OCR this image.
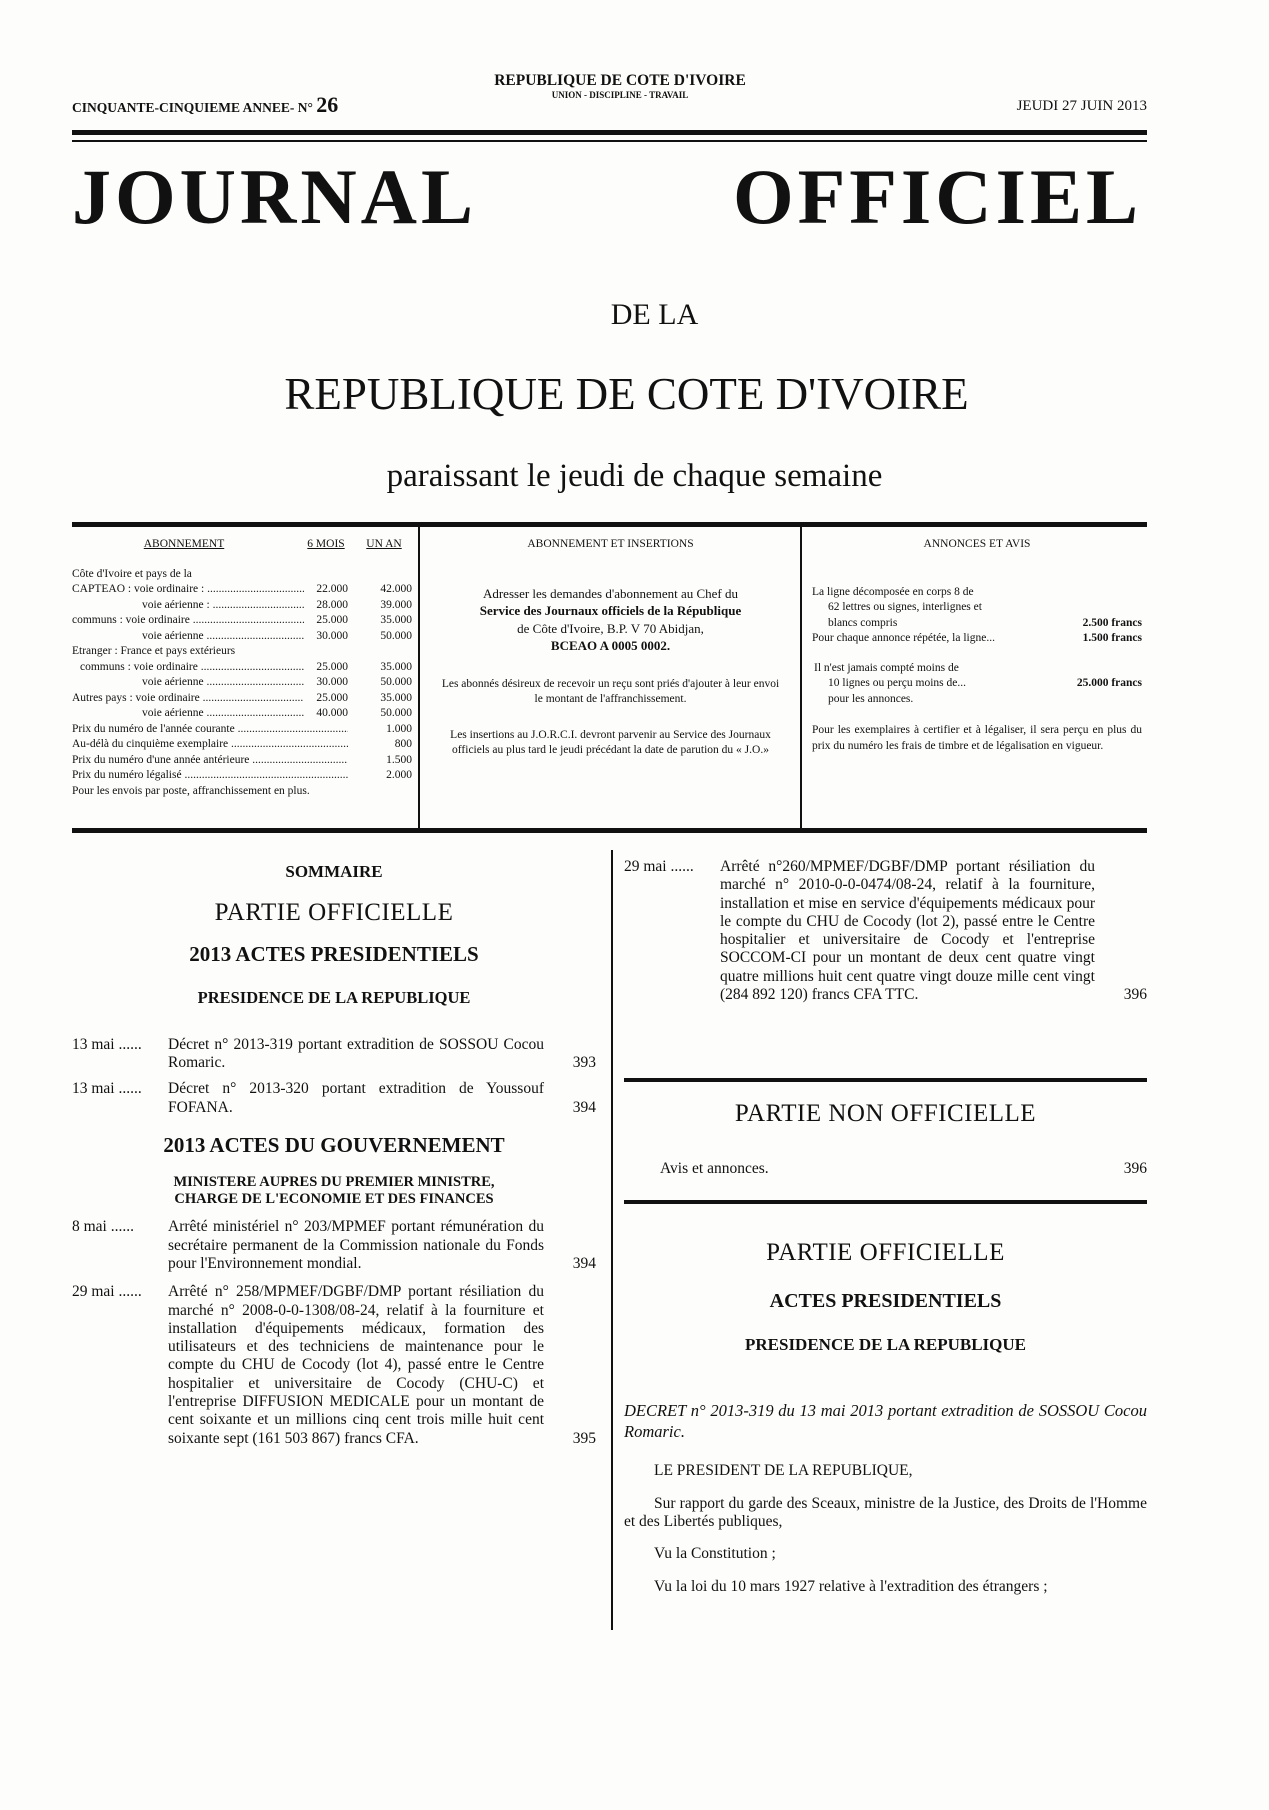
CINQUANTE-CINQUIEME ANNEE- N° 26
REPUBLIQUE DE COTE D'IVOIRE
UNION - DISCIPLINE - TRAVAIL
JEUDI 27 JUIN 2013
JOURNAL	OFFICIEL
DE LA
REPUBLIQUE DE COTE D'IVOIRE
paraissant le jeudi de chaque semaine
ABONNEMENT	6 MOIS	UN AN
Côte d'Ivoire et pays de la
CAPTEAO : voie ordinaire : .....	22.000	42.000
voie aérienne : .....	28.000	39.000
communs : voie ordinaire .....	25.000	35.000
voie aérienne .....	30.000	50.000
Etranger : France et pays extérieurs
communs : voie ordinaire .....	25.000	35.000
voie aérienne .....	30.000	50.000
Autres pays : voie ordinaire .....	25.000	35.000
voie aérienne .....	40.000	50.000
Prix du numéro de l'année courante .....	1.000
Au-délà du cinquième exemplaire .....	800
Prix du numéro d'une année antérieure .....	1.500
Prix du numéro légalisé .....	2.000
Pour les envois par poste, affranchissement en plus.
ABONNEMENT ET INSERTIONS
Adresser les demandes d'abonnement au Chef du
Service des Journaux officiels de la République
de Côte d'Ivoire, B.P. V 70 Abidjan,
BCEAO A 0005 0002.
Les abonnés désireux de recevoir un reçu sont priés d'ajouter à leur envoi le montant de l'affranchissement.
Les insertions au J.O.R.C.I. devront parvenir au Service des Journaux officiels au plus tard le jeudi précédant la date de parution du « J.O.»
ANNONCES ET AVIS
La ligne décomposée en corps 8 de
62 lettres ou signes, interlignes et
blancs compris	2.500 francs
Pour chaque annonce répétée, la ligne...	1.500 francs
Il n'est jamais compté moins de
10 lignes ou perçu moins de...	25.000 francs
pour les annonces.
Pour les exemplaires à certifier et à légaliser, il sera perçu en plus du prix du numéro les frais de timbre et de légalisation en vigueur.
SOMMAIRE
PARTIE OFFICIELLE
2013 ACTES PRESIDENTIELS
PRESIDENCE DE LA REPUBLIQUE
13 mai ......	Décret n° 2013-319 portant extradition de SOSSOU Cocou Romaric.	393
13 mai ......	Décret n° 2013-320 portant extradition de Youssouf FOFANA.	394
2013 ACTES DU GOUVERNEMENT
MINISTERE AUPRES DU PREMIER MINISTRE,
CHARGE DE L'ECONOMIE ET DES FINANCES
8 mai ......	Arrêté ministériel n° 203/MPMEF portant rémunération du secrétaire permanent de la Commission nationale du Fonds pour l'Environnement mondial.	394
29 mai ......	Arrêté n° 258/MPMEF/DGBF/DMP portant résiliation du marché n° 2008-0-0-1308/08-24, relatif à la fourniture et installation d'équipements médicaux, formation des utilisateurs et des techniciens de maintenance pour le compte du CHU de Cocody (lot 4), passé entre le Centre hospitalier et universitaire de Cocody (CHU-C) et l'entreprise DIFFUSION MEDICALE pour un montant de cent soixante et un millions cinq cent trois mille huit cent soixante sept (161 503 867) francs CFA.	395
29 mai ......	Arrêté n°260/MPMEF/DGBF/DMP portant résiliation du marché n° 2010-0-0-0474/08-24, relatif à la fourniture, installation et mise en service d'équipements médicaux pour le compte du CHU de Cocody (lot 2), passé entre le Centre hospitalier et universitaire de Cocody et l'entreprise SOCCOM-CI pour un montant de deux cent quatre vingt quatre millions huit cent quatre vingt douze mille cent vingt (284 892 120) francs CFA TTC.	396
PARTIE NON OFFICIELLE
Avis et annonces.	396
PARTIE OFFICIELLE
ACTES PRESIDENTIELS
PRESIDENCE DE LA REPUBLIQUE
DECRET n° 2013-319 du 13 mai 2013 portant extradition de SOSSOU Cocou Romaric.
LE PRESIDENT DE LA REPUBLIQUE,
Sur rapport du garde des Sceaux, ministre de la Justice, des Droits de l'Homme et des Libertés publiques,
Vu la Constitution ;
Vu la loi du 10 mars 1927 relative à l'extradition des étrangers ;
